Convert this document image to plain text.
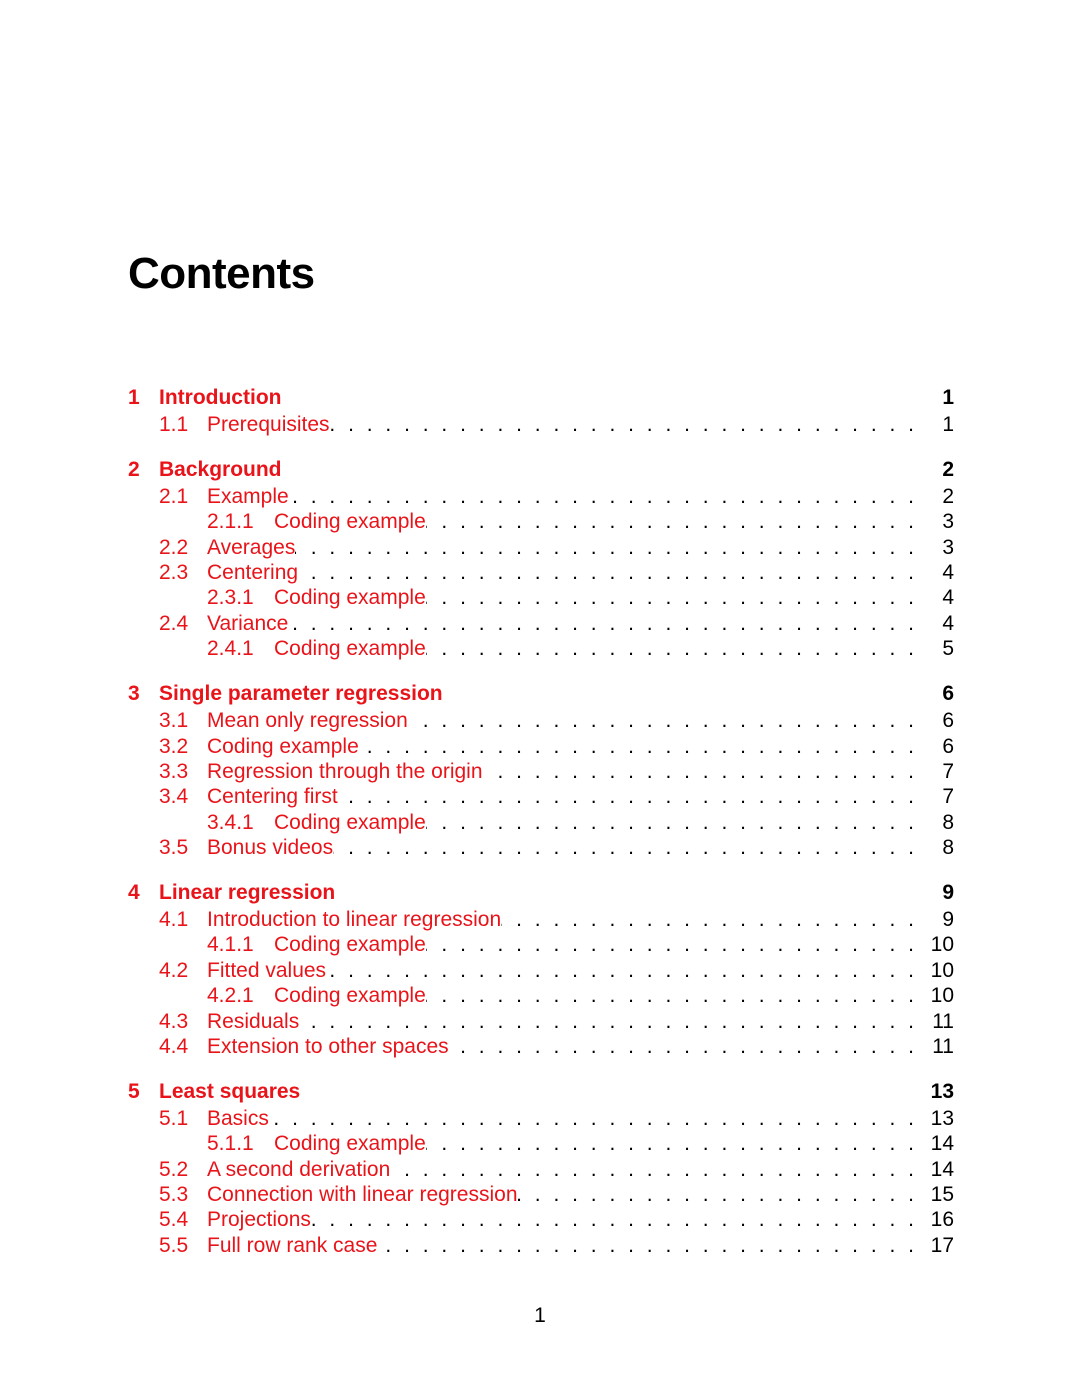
Contents
1 Introduction	1
1.1 Prerequisites . . .	1
2 Background	2
2.1 Example . . .	2
2.1.1 Coding example . . .	3
2.2 Averages . . .	3
2.3 Centering . . .	4
2.3.1 Coding example . . .	4
2.4 Variance . . .	4
2.4.1 Coding example . . .	5
3 Single parameter regression	6
3.1 Mean only regression . . .	6
3.2 Coding example . . .	6
3.3 Regression through the origin . . .	7
3.4 Centering first . . .	7
3.4.1 Coding example . . .	8
3.5 Bonus videos . . .	8
4 Linear regression	9
4.1 Introduction to linear regression . . .	9
4.1.1 Coding example . . .	10
4.2 Fitted values . . .	10
4.2.1 Coding example . . .	10
4.3 Residuals . . .	11
4.4 Extension to other spaces . . .	11
5 Least squares	13
5.1 Basics . . .	13
5.1.1 Coding example . . .	14
5.2 A second derivation . . .	14
5.3 Connection with linear regression . . .	15
5.4 Projections . . .	16
5.5 Full row rank case . . .	17
1
